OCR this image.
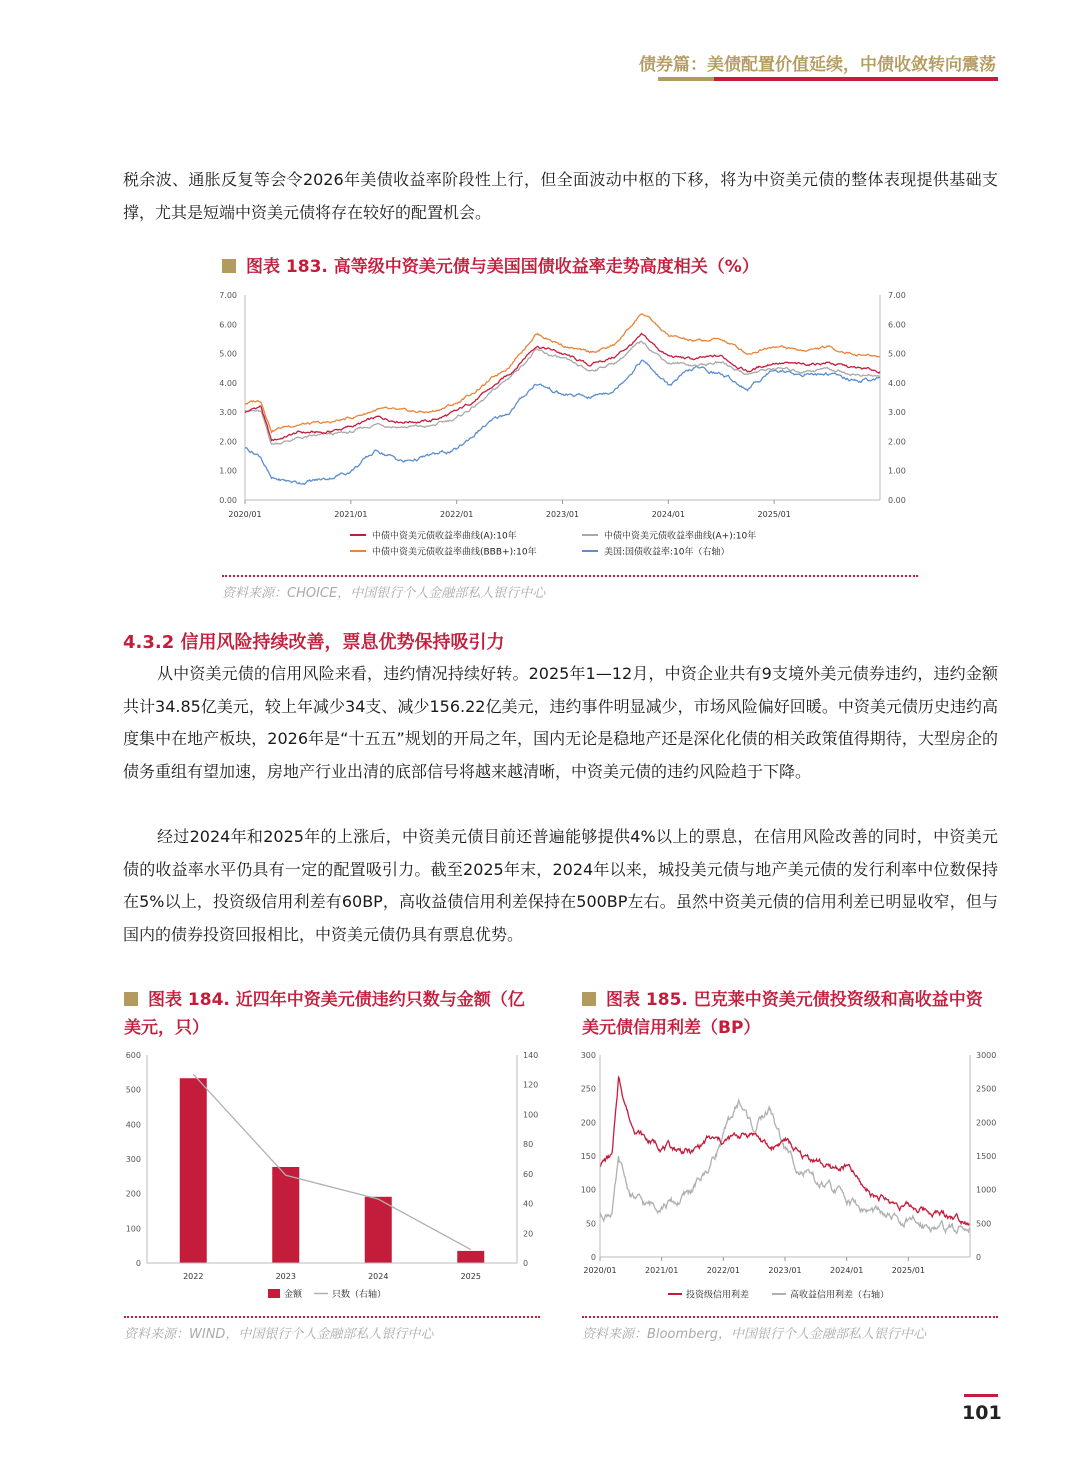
债券篇：美债配置价值延续，中债收敛转向震荡

税余波、通胀反复等会令2026年美债收益率阶段性上行，但全面波动中枢的下移，将为中资美元债的整体表现提供基础支撑，尤其是短端中资美元债将存在较好的配置机会。

图表 183. 高等级中资美元债与美国国债收益率走势高度相关（%）
0.00
1.00
2.00
3.00
4.00
5.00
6.00
7.00
0.00
1.00
2.00
3.00
4.00
5.00
6.00
7.00
2020/01	2021/01	2022/01	2023/01	2024/01	2025/01
中债中资美元债收益率曲线(A):10年	中债中资美元债收益率曲线(A+):10年
中债中资美元债收益率曲线(BBB+):10年	美国:国债收益率:10年（右轴）
资料来源：CHOICE，中国银行个人金融部私人银行中心
4.3.2 信用风险持续改善，票息优势保持吸引力

从中资美元债的信用风险来看，违约情况持续好转。2025年1—12月，中资企业共有9支境外美元债券违约，违约金额共计34.85亿美元，较上年减少34支、减少156.22亿美元，违约事件明显减少，市场风险偏好回暖。中资美元债历史违约高度集中在地产板块，2026年是“十五五”规划的开局之年，国内无论是稳地产还是深化化债的相关政策值得期待，大型房企的债务重组有望加速，房地产行业出清的底部信号将越来越清晰，中资美元债的违约风险趋于下降。

经过2024年和2025年的上涨后，中资美元债目前还普遍能够提供4%以上的票息，在信用风险改善的同时，中资美元债的收益率水平仍具有一定的配置吸引力。截至2025年末，2024年以来，城投美元债与地产美元债的发行利率中位数保持在5%以上，投资级信用利差有60BP，高收益债信用利差保持在500BP左右。虽然中资美元债的信用利差已明显收窄，但与国内的债券投资回报相比，中资美元债仍具有票息优势。

图表 184. 近四年中资美元债违约只数与金额（亿
美元，只）
0
100
200
300
400
500
600
0
20
40
60
80
100
120
140
2022	2023	2024	2025
金额	只数（右轴）
资料来源：WIND，中国银行个人金融部私人银行中心
图表 185. 巴克莱中资美元债投资级和高收益中资
美元债信用利差（BP）
0
50
100
150
200
250
300
0
500
1000
1500
2000
2500
3000
2020/01	2021/01	2022/01	2023/01	2024/01	2025/01
投资级信用利差	高收益信用利差（右轴）
资料来源：Bloomberg，中国银行个人金融部私人银行中心
101
